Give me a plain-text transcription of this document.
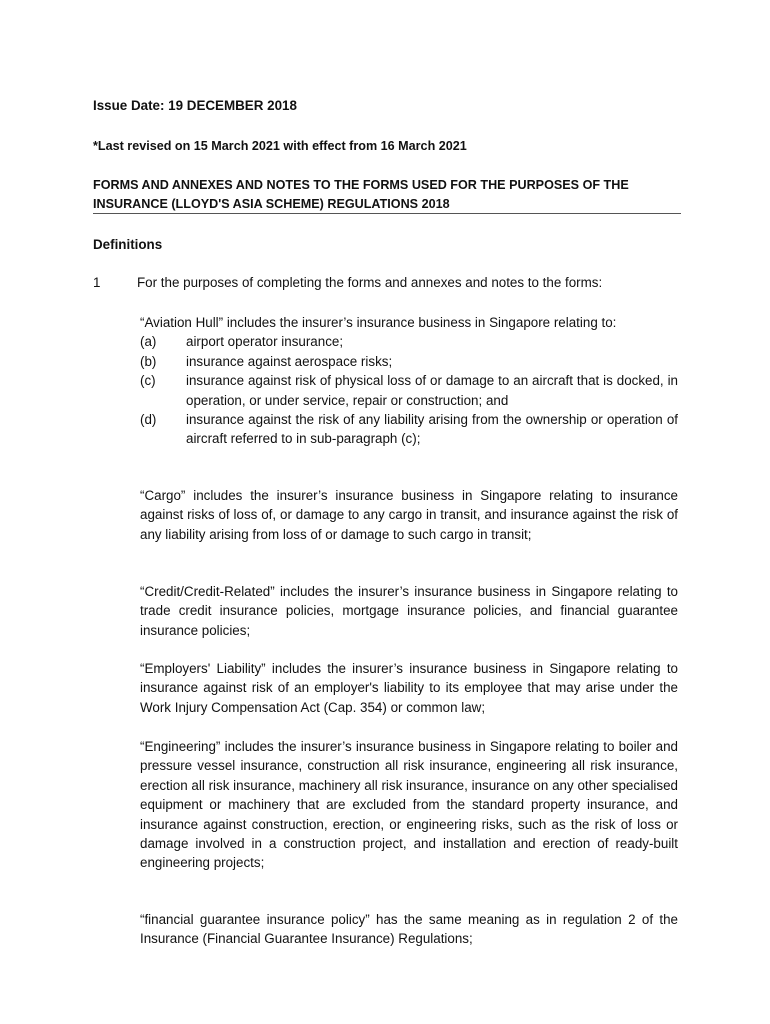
Issue Date: 19 DECEMBER 2018
*Last revised on 15 March 2021 with effect from 16 March 2021
FORMS AND ANNEXES AND NOTES TO THE FORMS USED FOR THE PURPOSES OF THE
INSURANCE (LLOYD'S ASIA SCHEME) REGULATIONS 2018
Definitions
1	For the purposes of completing the forms and annexes and notes to the forms:
“Aviation Hull” includes the insurer’s insurance business in Singapore relating to:
(a) airport operator insurance;
(b) insurance against aerospace risks;
(c) insurance against risk of physical loss of or damage to an aircraft that is docked, in operation, or under service, repair or construction; and
(d) insurance against the risk of any liability arising from the ownership or operation of aircraft referred to in sub-paragraph (c);
“Cargo” includes the insurer’s insurance business in Singapore relating to insurance against risks of loss of, or damage to any cargo in transit, and insurance against the risk of any liability arising from loss of or damage to such cargo in transit;
“Credit/Credit-Related” includes the insurer’s insurance business in Singapore relating to trade credit insurance policies, mortgage insurance policies, and financial guarantee insurance policies;
“Employers' Liability” includes the insurer’s insurance business in Singapore relating to insurance against risk of an employer's liability to its employee that may arise under the Work Injury Compensation Act (Cap. 354) or common law;
“Engineering” includes the insurer’s insurance business in Singapore relating to boiler and pressure vessel insurance, construction all risk insurance, engineering all risk insurance, erection all risk insurance, machinery all risk insurance, insurance on any other specialised equipment or machinery that are excluded from the standard property insurance, and insurance against construction, erection, or engineering risks, such as the risk of loss or damage involved in a construction project, and installation and erection of ready-built engineering projects;
“financial guarantee insurance policy” has the same meaning as in regulation 2 of the Insurance (Financial Guarantee Insurance) Regulations;
